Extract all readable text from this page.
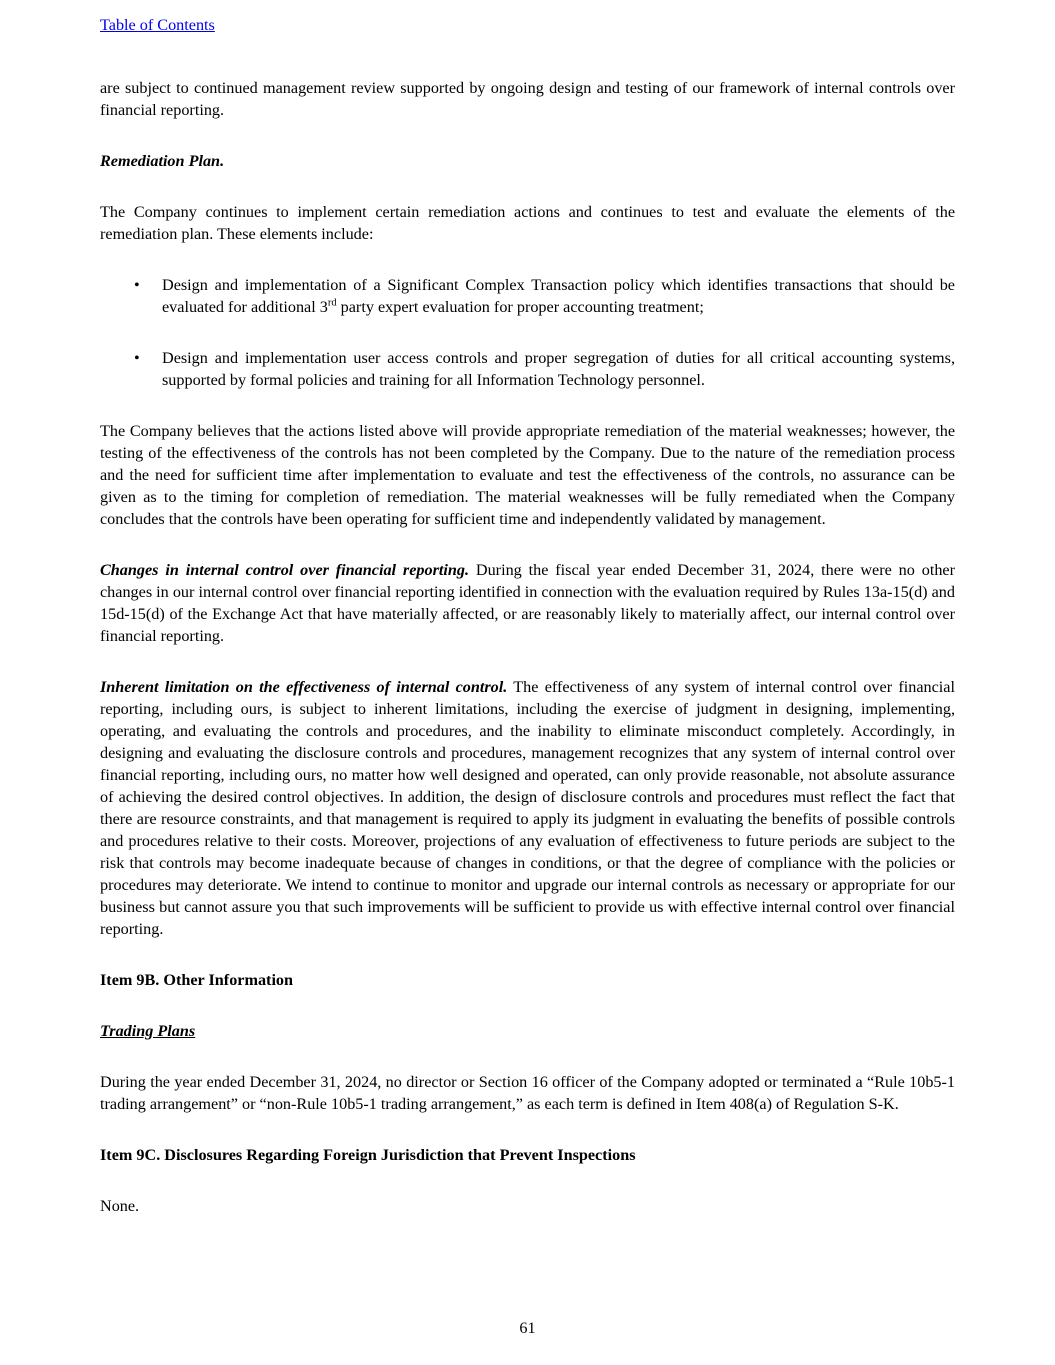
Table of Contents

are subject to continued management review supported by ongoing design and testing of our framework of internal controls over financial reporting.

Remediation Plan.

The Company continues to implement certain remediation actions and continues to test and evaluate the elements of the remediation plan. These elements include:

•	Design and implementation of a Significant Complex Transaction policy which identifies transactions that should be evaluated for additional 3rd party expert evaluation for proper accounting treatment;
•	Design and implementation user access controls and proper segregation of duties for all critical accounting systems, supported by formal policies and training for all Information Technology personnel.

The Company believes that the actions listed above will provide appropriate remediation of the material weaknesses; however, the testing of the effectiveness of the controls has not been completed by the Company. Due to the nature of the remediation process and the need for sufficient time after implementation to evaluate and test the effectiveness of the controls, no assurance can be given as to the timing for completion of remediation. The material weaknesses will be fully remediated when the Company concludes that the controls have been operating for sufficient time and independently validated by management.

Changes in internal control over financial reporting. During the fiscal year ended December 31, 2024, there were no other changes in our internal control over financial reporting identified in connection with the evaluation required by Rules 13a-15(d) and 15d-15(d) of the Exchange Act that have materially affected, or are reasonably likely to materially affect, our internal control over financial reporting.

Inherent limitation on the effectiveness of internal control. The effectiveness of any system of internal control over financial reporting, including ours, is subject to inherent limitations, including the exercise of judgment in designing, implementing, operating, and evaluating the controls and procedures, and the inability to eliminate misconduct completely. Accordingly, in designing and evaluating the disclosure controls and procedures, management recognizes that any system of internal control over financial reporting, including ours, no matter how well designed and operated, can only provide reasonable, not absolute assurance of achieving the desired control objectives. In addition, the design of disclosure controls and procedures must reflect the fact that there are resource constraints, and that management is required to apply its judgment in evaluating the benefits of possible controls and procedures relative to their costs. Moreover, projections of any evaluation of effectiveness to future periods are subject to the risk that controls may become inadequate because of changes in conditions, or that the degree of compliance with the policies or procedures may deteriorate. We intend to continue to monitor and upgrade our internal controls as necessary or appropriate for our business but cannot assure you that such improvements will be sufficient to provide us with effective internal control over financial reporting.

Item 9B. Other Information

Trading Plans

During the year ended December 31, 2024, no director or Section 16 officer of the Company adopted or terminated a “Rule 10b5-1 trading arrangement” or “non-Rule 10b5-1 trading arrangement,” as each term is defined in Item 408(a) of Regulation S-K.

Item 9C. Disclosures Regarding Foreign Jurisdiction that Prevent Inspections

None.

61
